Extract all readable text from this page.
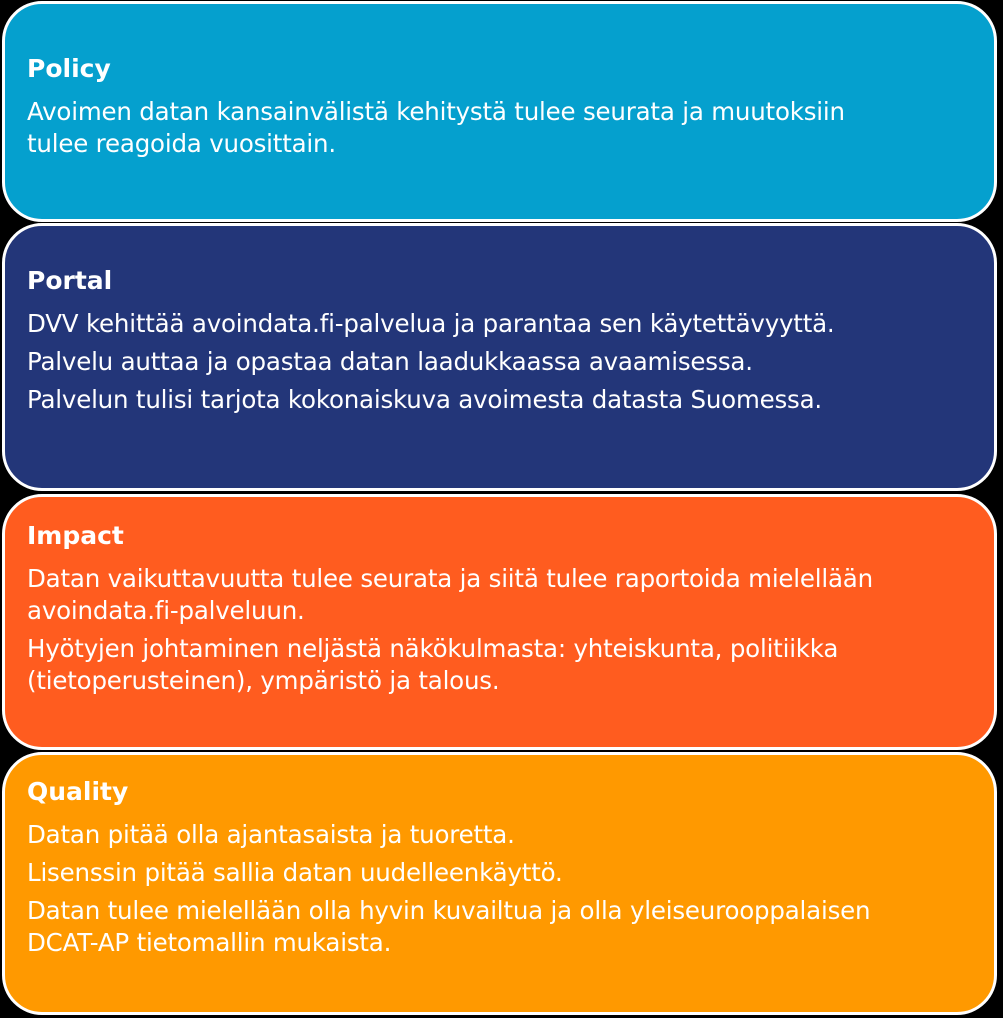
Policy

Avoimen datan kansainvälistä kehitystä tulee seurata ja muutoksiin

tulee reagoida vuosittain.

Portal

DVV kehittää avoindata.fi-palvelua ja parantaa sen käytettävyyttä.

Palvelu auttaa ja opastaa datan laadukkaassa avaamisessa.

Palvelun tulisi tarjota kokonaiskuva avoimesta datasta Suomessa.

Impact

Datan vaikuttavuutta tulee seurata ja siitä tulee raportoida mielellään

avoindata.fi-palveluun.

Hyötyjen johtaminen neljästä näkökulmasta: yhteiskunta, politiikka

(tietoperusteinen), ympäristö ja talous.

Quality

Datan pitää olla ajantasaista ja tuoretta.

Lisenssin pitää sallia datan uudelleenkäyttö.

Datan tulee mielellään olla hyvin kuvailtua ja olla yleiseurooppalaisen

DCAT-AP tietomallin mukaista.
